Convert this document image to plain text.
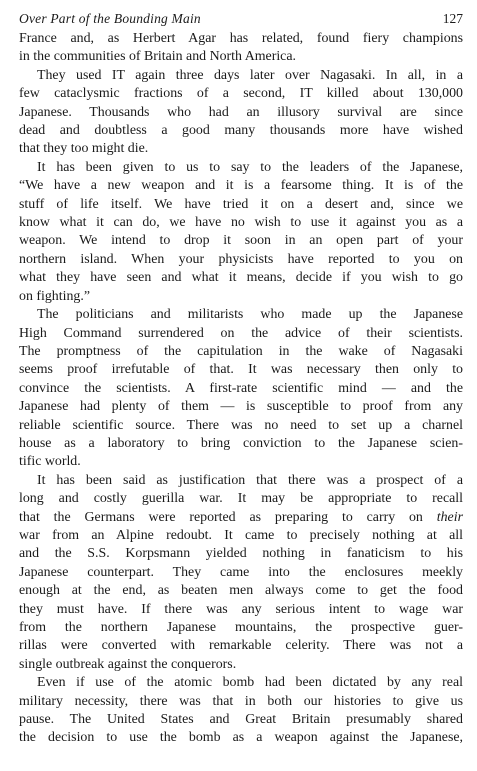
Over Part of the Bounding Main	127

France and, as Herbert Agar has related, found fiery champions
in the communities of Britain and North America.

They used IT again three days later over Nagasaki. In all, in a
few cataclysmic fractions of a second, IT killed about 130,000
Japanese. Thousands who had an illusory survival are since
dead and doubtless a good many thousands more have wished
that they too might die.

It has been given to us to say to the leaders of the Japanese,
“We have a new weapon and it is a fearsome thing. It is of the
stuff of life itself. We have tried it on a desert and, since we
know what it can do, we have no wish to use it against you as a
weapon. We intend to drop it soon in an open part of your
northern island. When your physicists have reported to you on
what they have seen and what it means, decide if you wish to go
on fighting.”

The politicians and militarists who made up the Japanese
High Command surrendered on the advice of their scientists.
The promptness of the capitulation in the wake of Nagasaki
seems proof irrefutable of that. It was necessary then only to
convince the scientists. A first-rate scientific mind — and the
Japanese had plenty of them — is susceptible to proof from any
reliable scientific source. There was no need to set up a charnel
house as a laboratory to bring conviction to the Japanese scien-
tific world.

It has been said as justification that there was a prospect of a
long and costly guerilla war. It may be appropriate to recall
that the Germans were reported as preparing to carry on their
war from an Alpine redoubt. It came to precisely nothing at all
and the S.S. Korpsmann yielded nothing in fanaticism to his
Japanese counterpart. They came into the enclosures meekly
enough at the end, as beaten men always come to get the food
they must have. If there was any serious intent to wage war
from the northern Japanese mountains, the prospective guer-
rillas were converted with remarkable celerity. There was not a
single outbreak against the conquerors.

Even if use of the atomic bomb had been dictated by any real
military necessity, there was that in both our histories to give us
pause. The United States and Great Britain presumably shared
the decision to use the bomb as a weapon against the Japanese,
